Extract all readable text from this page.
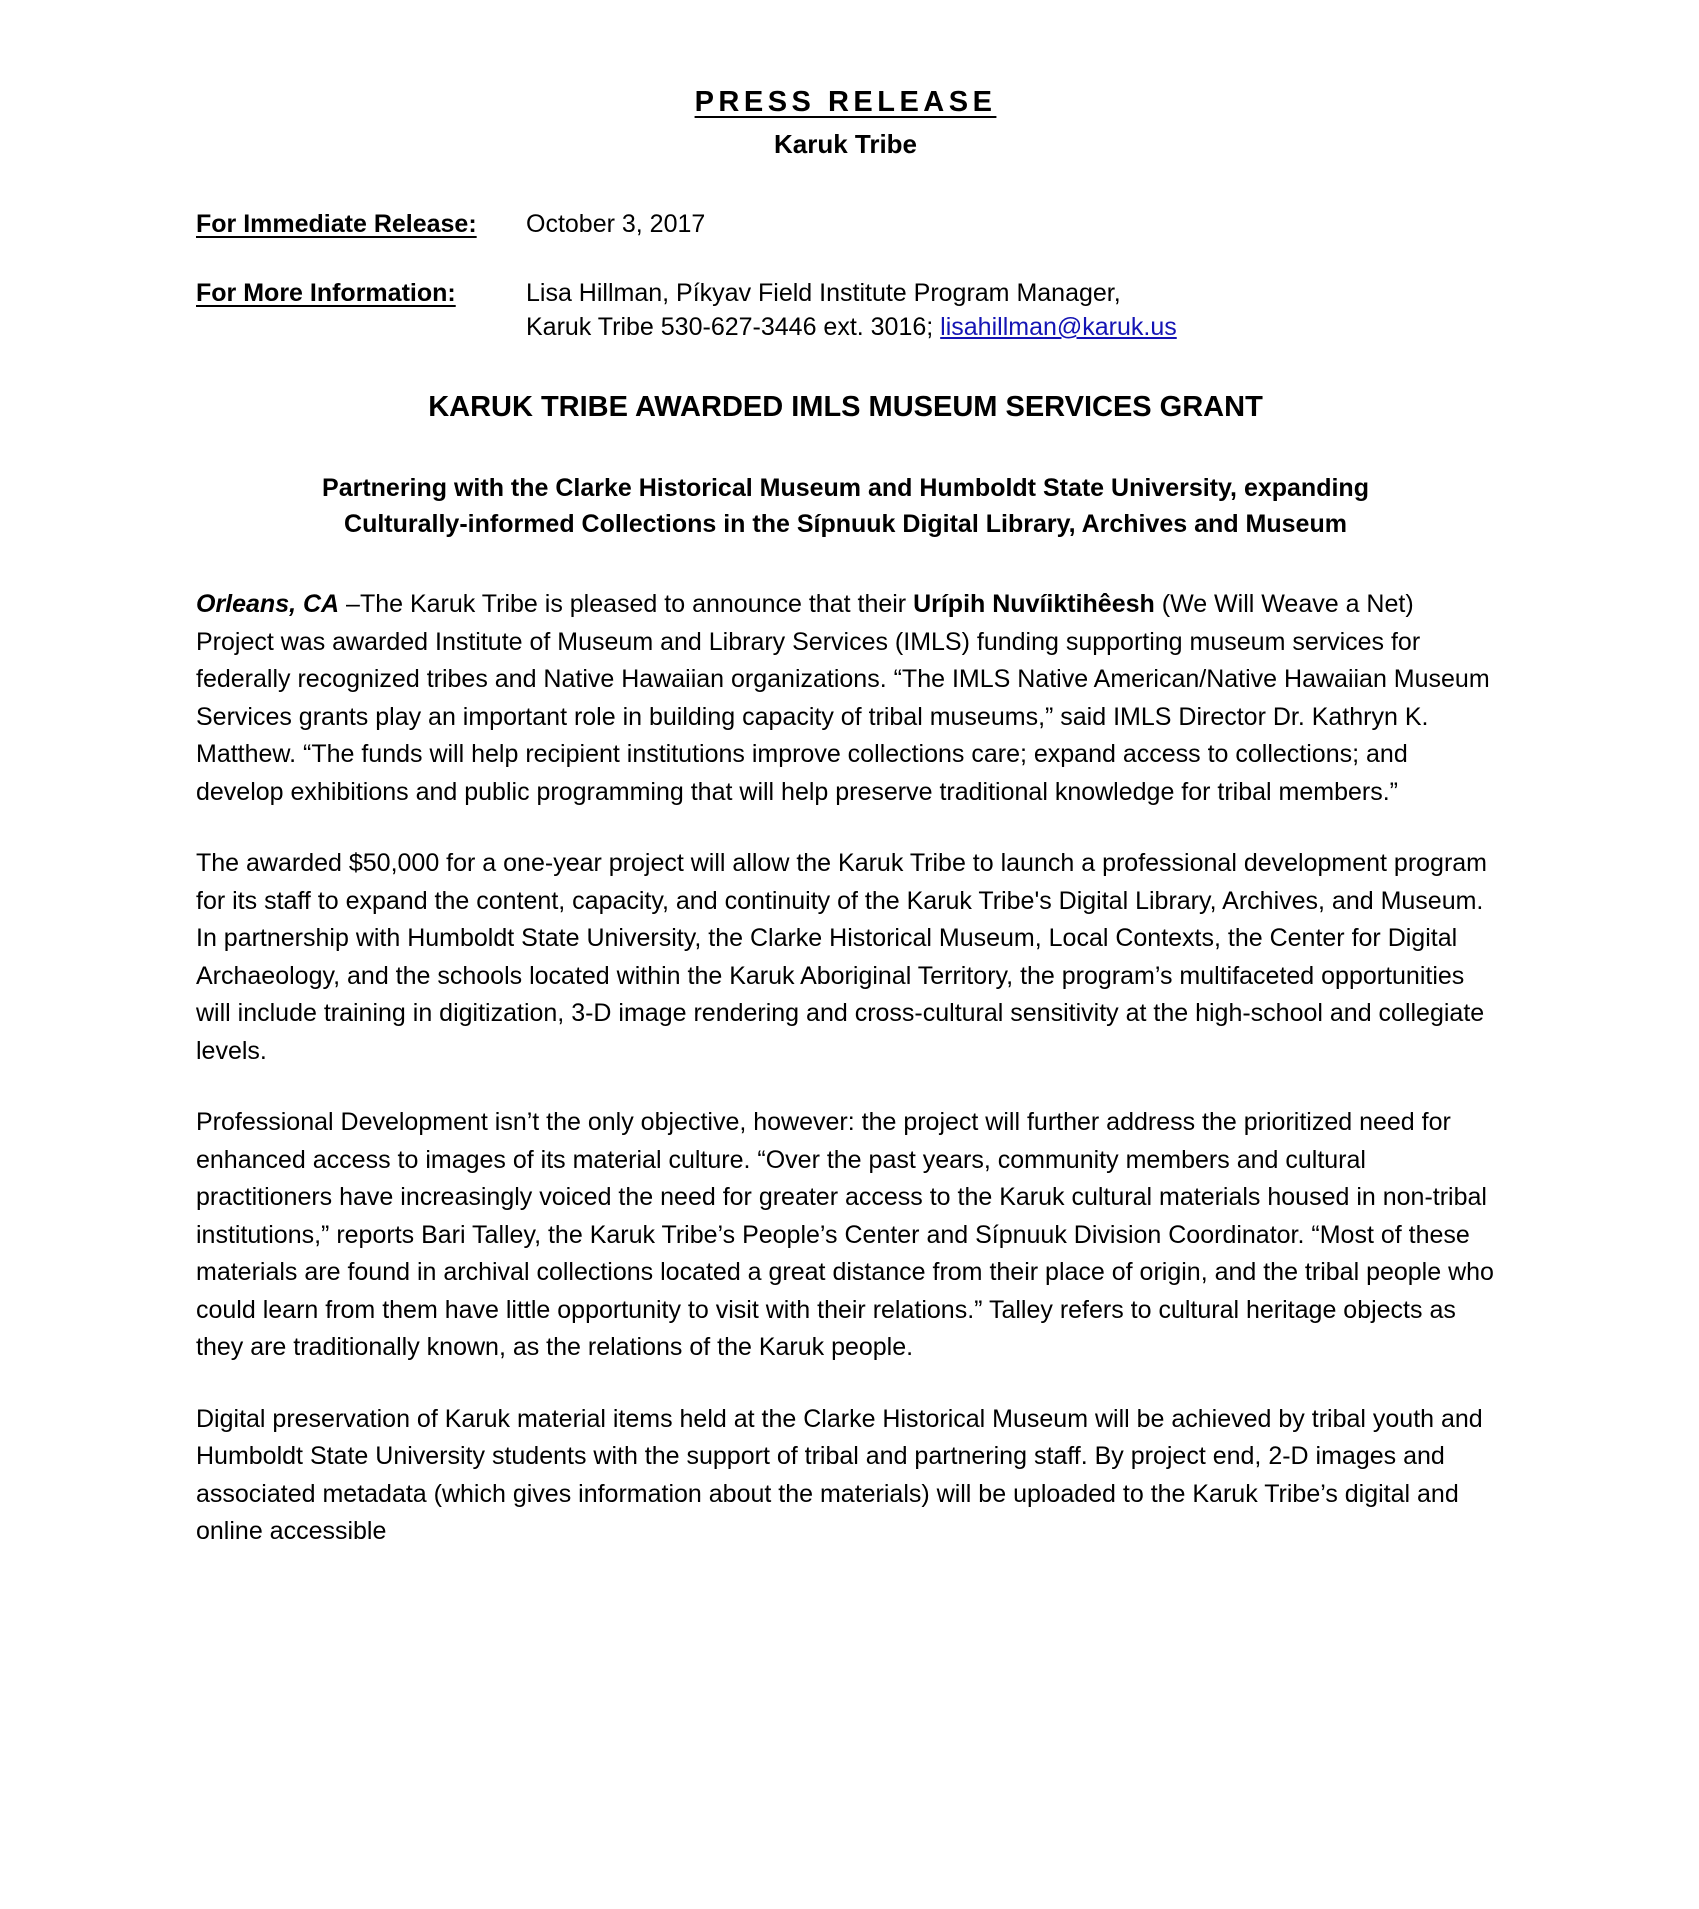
PRESS RELEASE
Karuk Tribe
For Immediate Release:	October 3, 2017
For More Information:	Lisa Hillman, Píkyav Field Institute Program Manager,
Karuk Tribe 530-627-3446 ext. 3016; lisahillman@karuk.us
KARUK TRIBE AWARDED IMLS MUSEUM SERVICES GRANT
Partnering with the Clarke Historical Museum and Humboldt State University, expanding
Culturally-informed Collections in the Sípnuuk Digital Library, Archives and Museum

Orleans, CA –The Karuk Tribe is pleased to announce that their Urípih Nuvíiktihêesh (We Will Weave a Net) Project was awarded Institute of Museum and Library Services (IMLS) funding supporting museum services for federally recognized tribes and Native Hawaiian organizations. “The IMLS Native American/Native Hawaiian Museum Services grants play an important role in building capacity of tribal museums,” said IMLS Director Dr. Kathryn K. Matthew. “The funds will help recipient institutions improve collections care; expand access to collections; and develop exhibitions and public programming that will help preserve traditional knowledge for tribal members.”

The awarded $50,000 for a one-year project will allow the Karuk Tribe to launch a professional development program for its staff to expand the content, capacity, and continuity of the Karuk Tribe's Digital Library, Archives, and Museum. In partnership with Humboldt State University, the Clarke Historical Museum, Local Contexts, the Center for Digital Archaeology, and the schools located within the Karuk Aboriginal Territory, the program’s multifaceted opportunities will include training in digitization, 3-D image rendering and cross-cultural sensitivity at the high-school and collegiate levels.

Professional Development isn’t the only objective, however: the project will further address the prioritized need for enhanced access to images of its material culture. “Over the past years, community members and cultural practitioners have increasingly voiced the need for greater access to the Karuk cultural materials housed in non-tribal institutions,” reports Bari Talley, the Karuk Tribe’s People’s Center and Sípnuuk Division Coordinator. “Most of these materials are found in archival collections located a great distance from their place of origin, and the tribal people who could learn from them have little opportunity to visit with their relations.” Talley refers to cultural heritage objects as they are traditionally known, as the relations of the Karuk people.

Digital preservation of Karuk material items held at the Clarke Historical Museum will be achieved by tribal youth and Humboldt State University students with the support of tribal and partnering staff. By project end, 2-D images and associated metadata (which gives information about the materials) will be uploaded to the Karuk Tribe’s digital and online accessible
